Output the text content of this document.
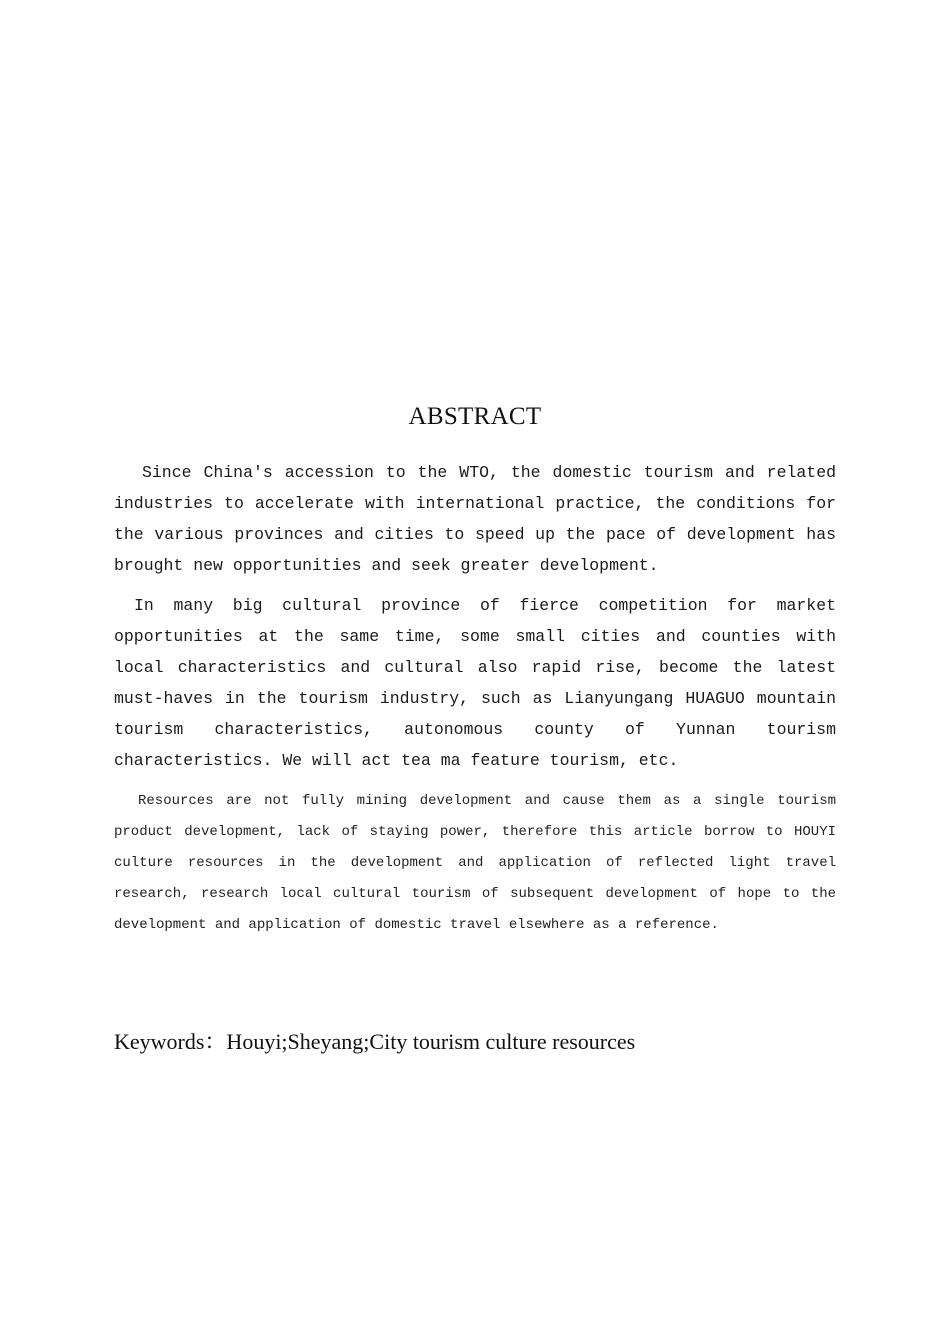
ABSTRACT

Since China's accession to the WTO, the domestic tourism and related industries to accelerate with international practice, the conditions for the various provinces and cities to speed up the pace of development has brought new opportunities and seek greater development.

In many big cultural province of fierce competition for market opportunities at the same time, some small cities and counties with local characteristics and cultural also rapid rise, become the latest must-haves in the tourism industry, such as Lianyungang HUAGUO mountain tourism characteristics, autonomous county of Yunnan tourism characteristics. We will act tea ma feature tourism, etc.

Resources are not fully mining development and cause them as a single tourism product development, lack of staying power, therefore this article borrow to HOUYI culture resources in the development and application of reflected light travel research, research local cultural tourism of subsequent development of hope to the development and application of domestic travel elsewhere as a reference.

Keywords：Houyi;Sheyang;City tourism culture resources
